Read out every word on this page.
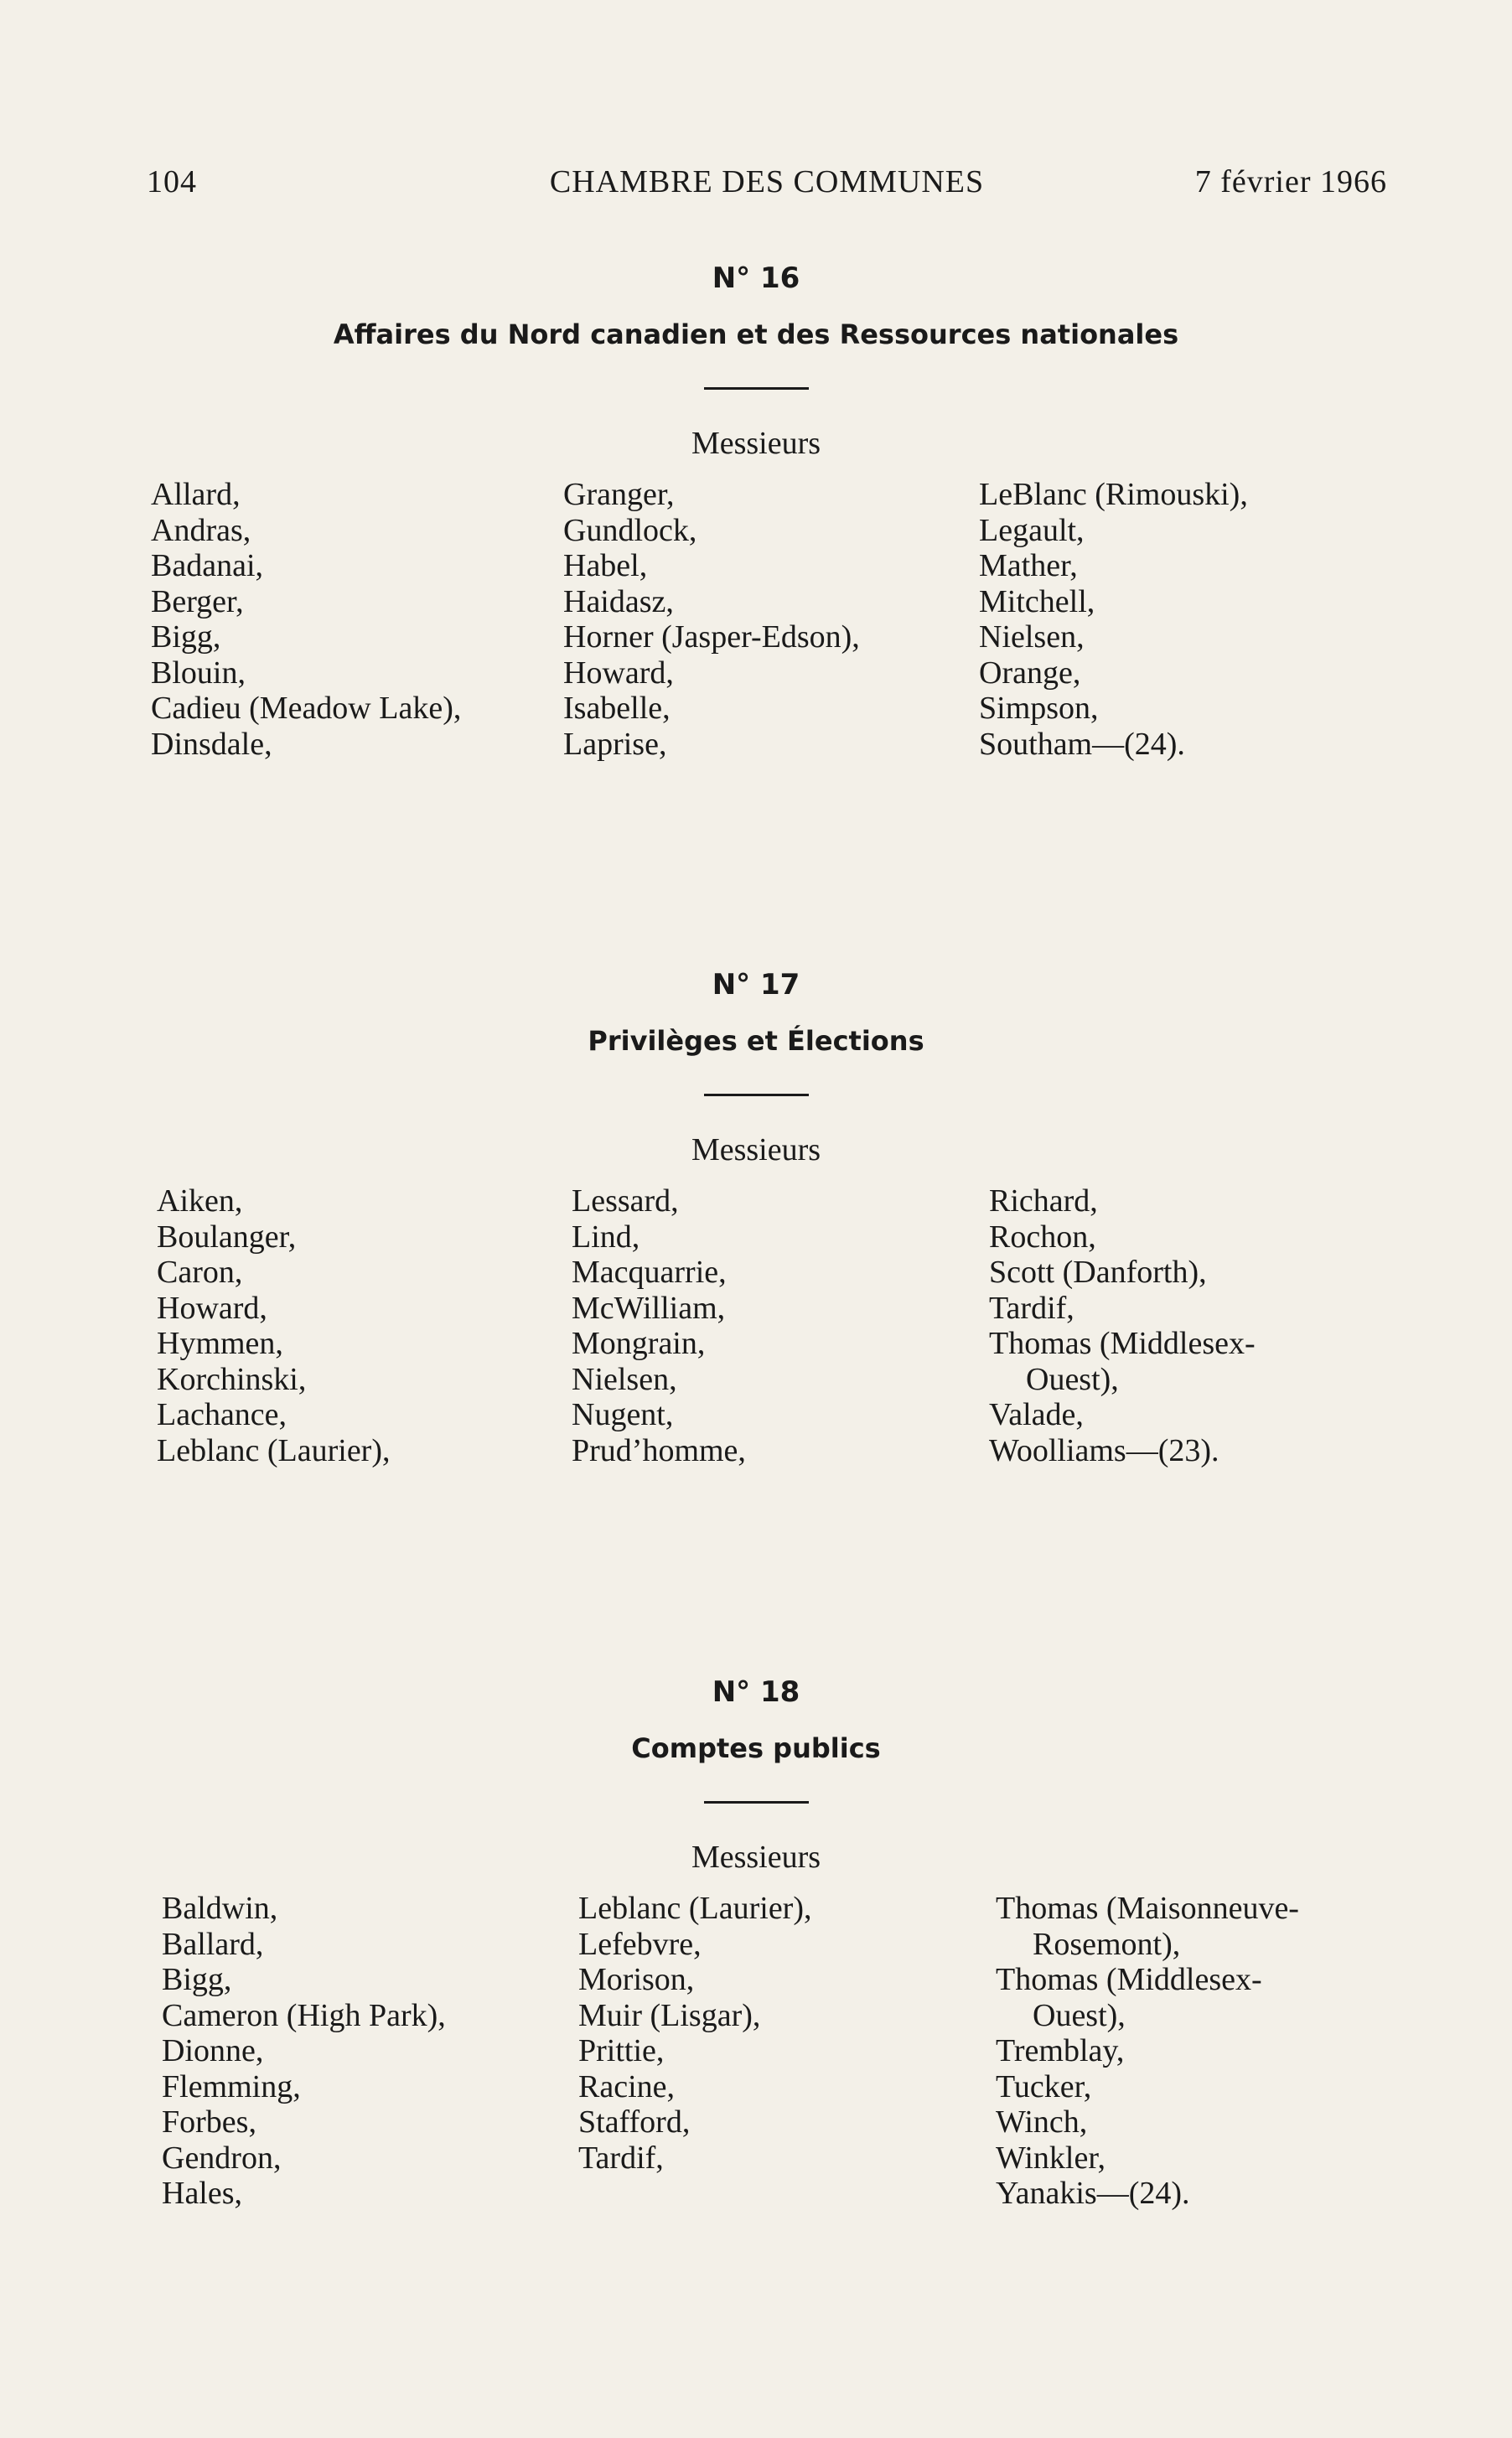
104	CHAMBRE DES COMMUNES	7 février 1966
N° 16
Affaires du Nord canadien et des Ressources nationales
Messieurs
Allard,
Andras,
Badanai,
Berger,
Bigg,
Blouin,
Cadieu (Meadow Lake),
Dinsdale,
Granger,
Gundlock,
Habel,
Haidasz,
Horner (Jasper-Edson),
Howard,
Isabelle,
Laprise,
LeBlanc (Rimouski),
Legault,
Mather,
Mitchell,
Nielsen,
Orange,
Simpson,
Southam—(24).
N° 17
Privilèges et Élections
Messieurs
Aiken,
Boulanger,
Caron,
Howard,
Hymmen,
Korchinski,
Lachance,
Leblanc (Laurier),
Lessard,
Lind,
Macquarrie,
McWilliam,
Mongrain,
Nielsen,
Nugent,
Prud’homme,
Richard,
Rochon,
Scott (Danforth),
Tardif,
Thomas (Middlesex-
Ouest),
Valade,
Woolliams—(23).
N° 18
Comptes publics
Messieurs
Baldwin,
Ballard,
Bigg,
Cameron (High Park),
Dionne,
Flemming,
Forbes,
Gendron,
Hales,
Leblanc (Laurier),
Lefebvre,
Morison,
Muir (Lisgar),
Prittie,
Racine,
Stafford,
Tardif,
Thomas (Maisonneuve-
Rosemont),
Thomas (Middlesex-
Ouest),
Tremblay,
Tucker,
Winch,
Winkler,
Yanakis—(24).
